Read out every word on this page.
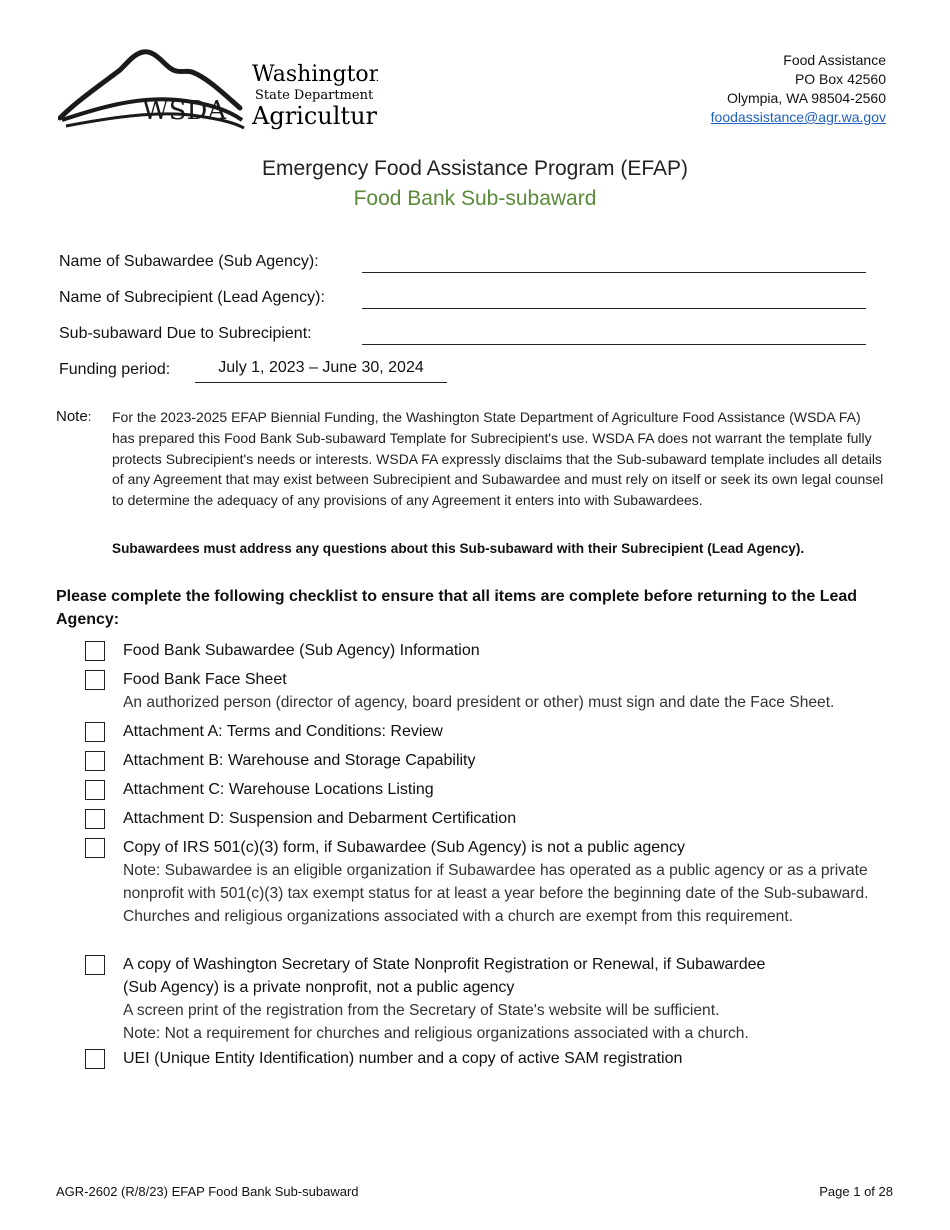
WSDA
Washington
State Department of
Agriculture
Food Assistance
PO Box 42560
Olympia, WA 98504-2560
foodassistance@agr.wa.gov
Emergency Food Assistance Program (EFAP)
Food Bank Sub-subaward
Name of Subawardee (Sub Agency):
Name of Subrecipient (Lead Agency):
Sub-subaward Due to Subrecipient:
Funding period:	July 1, 2023 – June 30, 2024
Note: For the 2023-2025 EFAP Biennial Funding, the Washington State Department of Agriculture Food Assistance (WSDA FA) has prepared this Food Bank Sub-subaward Template for Subrecipient's use. WSDA FA does not warrant the template fully protects Subrecipient's needs or interests. WSDA FA expressly disclaims that the Sub-subaward template includes all details of any Agreement that may exist between Subrecipient and Subawardee and must rely on itself or seek its own legal counsel to determine the adequacy of any provisions of any Agreement it enters into with Subawardees.
Subawardees must address any questions about this Sub-subaward with their Subrecipient (Lead Agency).
Please complete the following checklist to ensure that all items are complete before returning to the Lead Agency:
Food Bank Subawardee (Sub Agency) Information
Food Bank Face Sheet
An authorized person (director of agency, board president or other) must sign and date the Face Sheet.
Attachment A: Terms and Conditions: Review
Attachment B: Warehouse and Storage Capability
Attachment C: Warehouse Locations Listing
Attachment D: Suspension and Debarment Certification
Copy of IRS 501(c)(3) form, if Subawardee (Sub Agency) is not a public agency
Note: Subawardee is an eligible organization if Subawardee has operated as a public agency or as a private nonprofit with 501(c)(3) tax exempt status for at least a year before the beginning date of the Sub-subaward. Churches and religious organizations associated with a church are exempt from this requirement.
A copy of Washington Secretary of State Nonprofit Registration or Renewal, if Subawardee
(Sub Agency) is a private nonprofit, not a public agency
A screen print of the registration from the Secretary of State's website will be sufficient.
Note: Not a requirement for churches and religious organizations associated with a church.
UEI (Unique Entity Identification) number and a copy of active SAM registration
AGR-2602 (R/8/23) EFAP Food Bank Sub-subaward	Page 1 of 28
